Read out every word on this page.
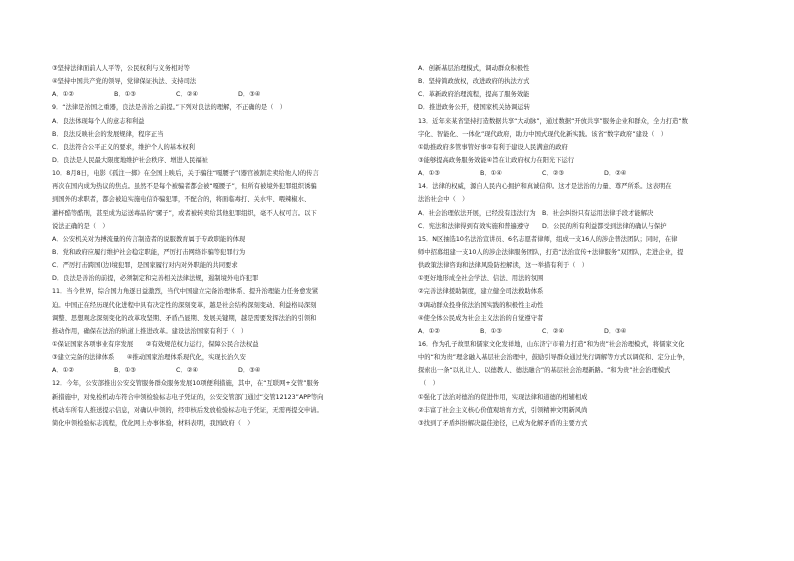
③坚持法律面前人人平等，公民权利与义务相对等
④坚持中国共产党的领导，党律保证执法、支持司法
A．①②	B．①③	C．②④	D．③④
9．“法律是治国之重器，良法是善治之前提。”下列对良法的理解，不正确的是（　）
A．良法体现每个人的意志和利益
B．良法反映社会的发展规律，程序正当
C．良法符合公平正义的要求，维护个人的基本权利
D．良法是人民最大限度地维护社会秩序、增进人民福祉
10．8月8日，电影《孤注一掷》在全国上映后，关于骗往“嘎腰子”(器官被割走卖给他人)的传言
再次在国内成为热议的焦点。虽然不是每个被骗者都会被“嘎腰子”，但所有被境外犯罪组织诱骗
到国外的求职者，都会被迫实施电信诈骗犯罪，不配合的，将面临毒打、关水牢、喂辣椒水、
灌杯酷等酷刑，甚至成为运送毒品的“骡子”，或者被转卖给其他犯罪组织，毫不人权可言。以下
说法正确的是（　）
A．公安机关对为搏流量的传言制造者的说服教育属于专政职能的体现
B．党和政府应履行维护社会稳定职能，严厉打击网络诈骗等犯罪行为
C．严厉打击跨国(边)境犯罪，是国家履行对内对外职能的共同要求
D．良法是善治的前提，必须制定和完善相关法律法规，遏制境外电诈犯罪
11．当今世界，综合国力角逐日益激烈，当代中国建立完备治理体系、提升治理能力任务愈发紧
迫。中国正在经历现代化进程中具有决定性的深刻变革，越是社会结构深刻变动、利益格局深刻
调整、思想观念深刻变化的改革攻坚期、矛盾凸显期、发展关键期，越是需要发挥法治的引领和
推动作用，确保在法治的轨道上推进改革。建设法治国家有利于（　）
①保证国家各项事业有序发展　　②有效规范权力运行，保障公民合法权益
③建立完备的法律体系　　④推动国家治理体系现代化，实现长治久安
A．①②	B．①③	C．②④	D．③④
12．今年，公安部推出公安交管服务群众服务发展10项便利措施，其中，在“互联网+交管”服务
新措施中，对免检机动车符合申领检验标志电子凭证的，公安交管部门通过“交管12123”APP等向
机动车所有人推送提示信息，对确认申领的，经审核后发放检验标志电子凭证，无需再提交申请。
简化申领检验标志流程，优化网上办事体验，材料表明，我国政府（　）
A．创新基层治理模式，调动群众积极性
B．坚持简政放权，改进政府的执法方式
C．革新政府治理流程，提高了服务效能
D．推进政务公开，使国家机关协调运转
13．近年来某省坚持打造数据共享“大动脉”，通过数据“开放共享”服务企业和群众，全力打造“数
字化、智能化、一体化”现代政府，助力中国式现代化新实践。该省“数字政府”建设（　）
①助推政府多管事管好事②有利于建设人民满意的政府
③能够提高政务服务效能④旨在让政府权力在阳光下运行
A．①③	B．①④	C．②③	D．②④
14．法律的权威，源自人民内心拥护和真诚信仰。这才是法治的力量、尊严所系。这表明在
法治社会中（　）
A．社会治理依法开展，已经没有违法行为　B．社会纠纷只有运用法律手段才能解决
C．宪法和法律得到有效实施和普遍遵守　　D．公民的所有利益都受到法律的确认与保护
15．N区抽选10名法治宣讲员、6名志愿者律师，组成一支16人的涉企普法团队；同时，在律
师中招募组建一支10人的涉企法律服务团队，打造“法治宣传+法律服务”双团队，走进企业，提
供政策法律咨询和法律风险防控解读，这一举措有利于（　）
①更好地形成全社会学法、信法、用法的氛围
②完善法律援助制度，建立健全司法救助体系
③调动群众投身依法治国实践的积极性主动性
④使全体公民成为社会主义法治的自觉遵守者
A．①②	B．①③	C．②④	D．③④
16．作为孔子故里和儒家文化发祥地，山东济宁市着力打造“和为贵”社会治理模式，将儒家文化
中的“和为贵”理念融入基层社会治理中，鼓励引导群众通过先行调解等方式以调促和、定分止争，
探索出一条“以礼让人、以德教人、德法融合”的基层社会治理新路。“和为贵”社会治理模式
（　）
①强化了法治对德治的促进作用，实现法律和道德的相辅相成
②丰富了社会主义核心价值观培育方式，引领精神文明新风尚
③找到了矛盾纠纷解决最佳途径，已成为化解矛盾的主要方式
